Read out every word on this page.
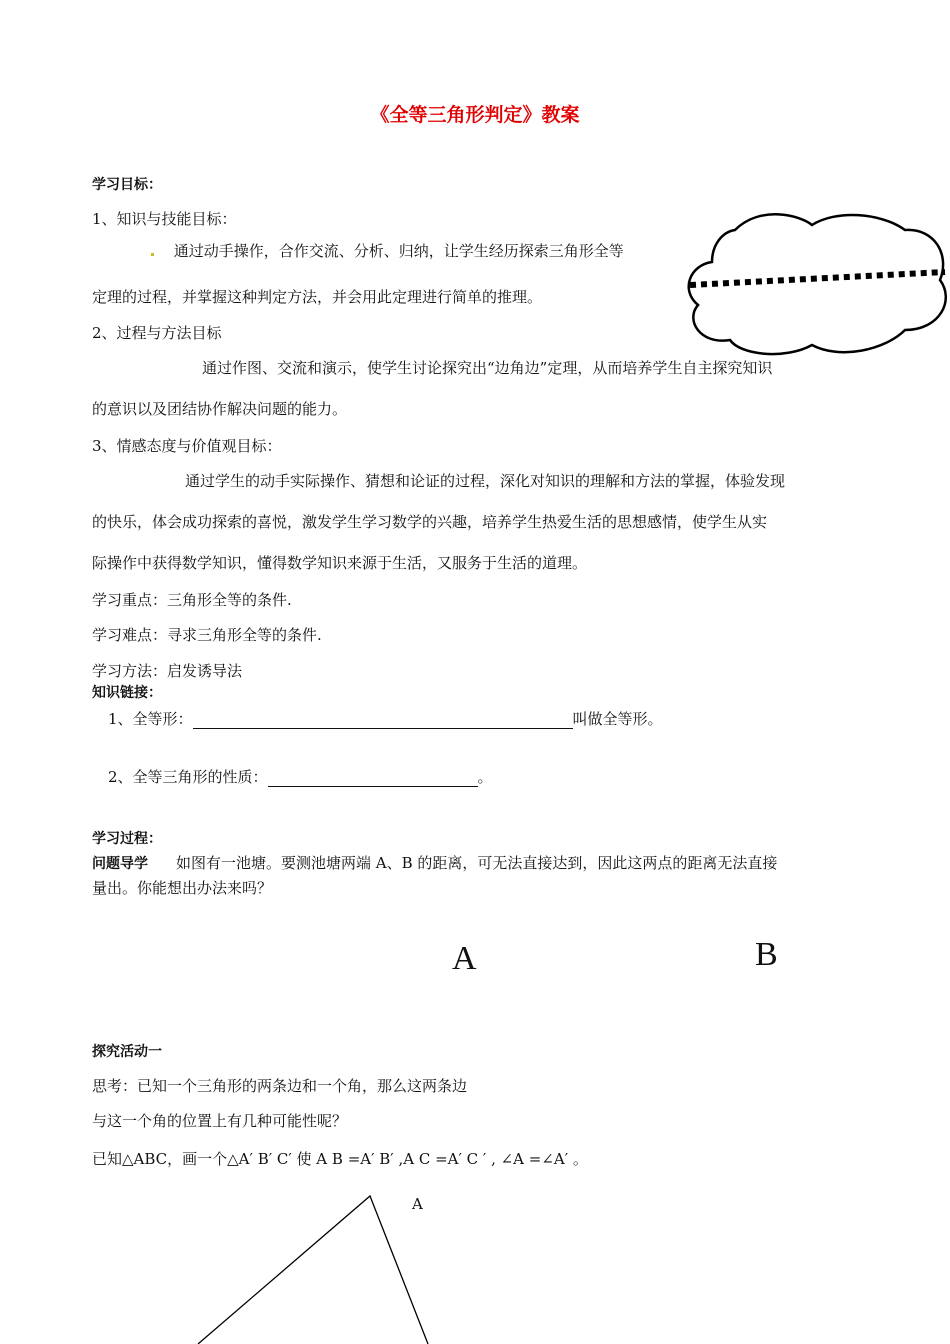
《全等三角形判定》教案
学习目标：
1、知识与技能目标：
通过动手操作，合作交流、分析、归纳，让学生经历探索三角形全等
定理的过程，并掌握这种判定方法，并会用此定理进行简单的推理。
2、过程与方法目标
通过作图、交流和演示，使学生讨论探究出“边角边”定理，从而培养学生自主探究知识
的意识以及团结协作解决问题的能力。
3、情感态度与价值观目标：
通过学生的动手实际操作、猜想和论证的过程，深化对知识的理解和方法的掌握，体验发现
的快乐，体会成功探索的喜悦，激发学生学习数学的兴趣，培养学生热爱生活的思想感情，使学生从实
际操作中获得数学知识，懂得数学知识来源于生活，又服务于生活的道理。
学习重点：三角形全等的条件.
学习难点：寻求三角形全等的条件.
学习方法：启发诱导法
知识链接：
1、全等形：	叫做全等形。
2、全等三角形的性质：	。
学习过程：
问题导学 如图有一池塘。要测池塘两端 A、B 的距离，可无法直接达到，因此这两点的距离无法直接
量出。你能想出办法来吗？
A	B
探究活动一
思考：已知一个三角形的两条边和一个角，那么这两条边
与这一个角的位置上有几种可能性呢？
已知△ABC，画一个△A′ B′ C′ 使 A B =A′ B′ ,A C =A′ C ′ , ∠A =∠A′ 。
A
